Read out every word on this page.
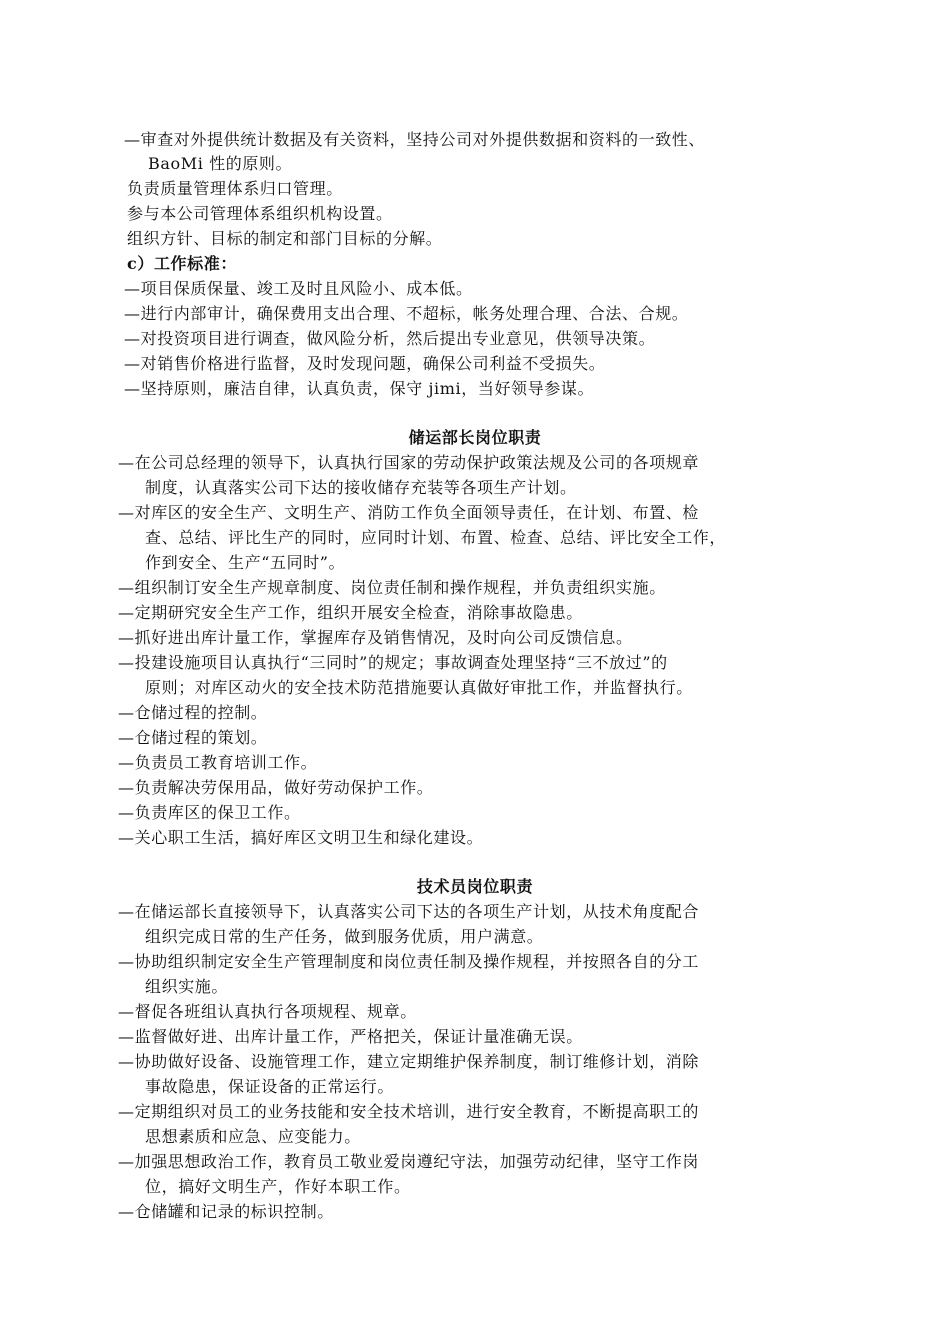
—审查对外提供统计数据及有关资料，坚持公司对外提供数据和资料的一致性、
BaoMi 性的原则。
负责质量管理体系归口管理。
参与本公司管理体系组织机构设置。
组织方针、目标的制定和部门目标的分解。
c）工作标准：
—项目保质保量、竣工及时且风险小、成本低。
—进行内部审计，确保费用支出合理、不超标，帐务处理合理、合法、合规。
—对投资项目进行调查，做风险分析，然后提出专业意见，供领导决策。
—对销售价格进行监督，及时发现问题，确保公司利益不受损失。
—坚持原则，廉洁自律，认真负责，保守 jimi，当好领导参谋。
储运部长岗位职责
—在公司总经理的领导下，认真执行国家的劳动保护政策法规及公司的各项规章
制度，认真落实公司下达的接收储存充装等各项生产计划。
—对库区的安全生产、文明生产、消防工作负全面领导责任，在计划、布置、检
查、总结、评比生产的同时，应同时计划、布置、检查、总结、评比安全工作，
作到安全、生产“五同时”。
—组织制订安全生产规章制度、岗位责任制和操作规程，并负责组织实施。
—定期研究安全生产工作，组织开展安全检查，消除事故隐患。
—抓好进出库计量工作，掌握库存及销售情况，及时向公司反馈信息。
—投建设施项目认真执行“三同时”的规定；事故调查处理坚持“三不放过”的
原则；对库区动火的安全技术防范措施要认真做好审批工作，并监督执行。
—仓储过程的控制。
—仓储过程的策划。
—负责员工教育培训工作。
—负责解决劳保用品，做好劳动保护工作。
—负责库区的保卫工作。
—关心职工生活，搞好库区文明卫生和绿化建设。
技术员岗位职责
—在储运部长直接领导下，认真落实公司下达的各项生产计划，从技术角度配合
组织完成日常的生产任务，做到服务优质，用户满意。
—协助组织制定安全生产管理制度和岗位责任制及操作规程，并按照各自的分工
组织实施。
—督促各班组认真执行各项规程、规章。
—监督做好进、出库计量工作，严格把关，保证计量准确无误。
—协助做好设备、设施管理工作，建立定期维护保养制度，制订维修计划，消除
事故隐患，保证设备的正常运行。
—定期组织对员工的业务技能和安全技术培训，进行安全教育，不断提高职工的
思想素质和应急、应变能力。
—加强思想政治工作，教育员工敬业爱岗遵纪守法，加强劳动纪律，坚守工作岗
位，搞好文明生产，作好本职工作。
—仓储罐和记录的标识控制。
